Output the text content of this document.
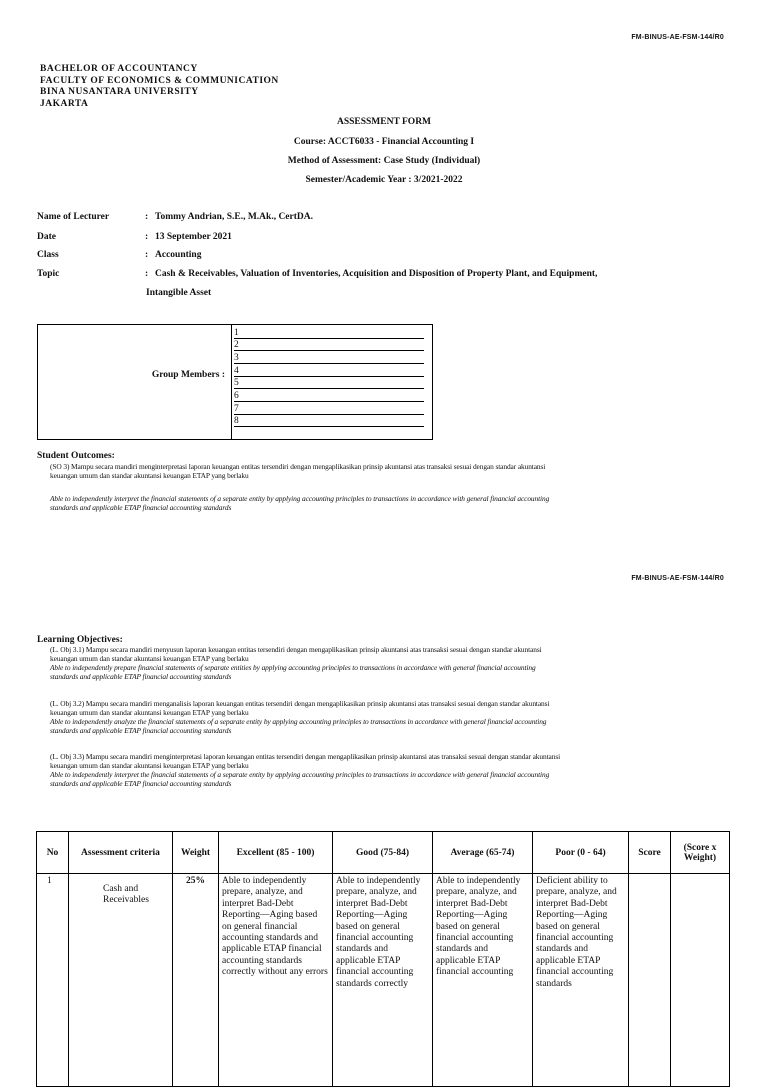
FM-BINUS-AE-FSM-144/R0
BACHELOR OF ACCOUNTANCY
FACULTY OF ECONOMICS & COMMUNICATION
BINA NUSANTARA UNIVERSITY
JAKARTA
ASSESSMENT FORM
Course: ACCT6033 - Financial Accounting I
Method of Assessment: Case Study (Individual)
Semester/Academic Year : 3/2021-2022
Name of Lecturer	: Tommy Andrian, S.E., M.Ak., CertDA.
Date	: 13 September 2021
Class	: Accounting
Topic	: Cash & Receivables, Valuation of Inventories, Acquisition and Disposition of Property Plant, and Equipment,
Intangible Asset
Group Members :
1
2
3
4
5
6
7
8
Student Outcomes:
(SO 3) Mampu secara mandiri menginterpretasi laporan keuangan entitas tersendiri dengan mengaplikasikan prinsip akuntansi atas transaksi sesuai dengan standar akuntansi
keuangan umum dan standar akuntansi keuangan ETAP yang berlaku
Able to independently interpret the financial statements of a separate entity by applying accounting principles to transactions in accordance with general financial accounting
standards and applicable ETAP financial accounting standards
FM-BINUS-AE-FSM-144/R0
Learning Objectives:
(L. Obj 3.1) Mampu secara mandiri menyusun laporan keuangan entitas tersendiri dengan mengaplikasikan prinsip akuntansi atas transaksi sesuai dengan standar akuntansi
keuangan umum dan standar akuntansi keuangan ETAP yang berlaku
Able to independently prepare financial statements of separate entities by applying accounting principles to transactions in accordance with general financial accounting
standards and applicable ETAP financial accounting standards
(L. Obj 3.2) Mampu secara mandiri menganalisis laporan keuangan entitas tersendiri dengan mengaplikasikan prinsip akuntansi atas transaksi sesuai dengan standar akuntansi
keuangan umum dan standar akuntansi keuangan ETAP yang berlaku
Able to independently analyze the financial statements of a separate entity by applying accounting principles to transactions in accordance with general financial accounting
standards and applicable ETAP financial accounting standards
(L. Obj 3.3) Mampu secara mandiri menginterpretasi laporan keuangan entitas tersendiri dengan mengaplikasikan prinsip akuntansi atas transaksi sesuai dengan standar akuntansi
keuangan umum dan standar akuntansi keuangan ETAP yang berlaku
Able to independently interpret the financial statements of a separate entity by applying accounting principles to transactions in accordance with general financial accounting
standards and applicable ETAP financial accounting standards
No	Assessment criteria	Weight	Excellent (85 - 100)	Good (75-84)	Average (65-74)	Poor (0 - 64)	Score	(Score x Weight)
1	Cash and Receivables	25%	Able to independently prepare, analyze, and interpret Bad-Debt Reporting—Aging based on general financial accounting standards and applicable ETAP financial accounting standards correctly without any errors	Able to independently prepare, analyze, and interpret Bad-Debt Reporting—Aging based on general financial accounting standards and applicable ETAP financial accounting standards correctly	Able to independently prepare, analyze, and interpret Bad-Debt Reporting—Aging based on general financial accounting standards and applicable ETAP financial accounting	Deficient ability to prepare, analyze, and interpret Bad-Debt Reporting—Aging based on general financial accounting standards and applicable ETAP financial accounting standards		
